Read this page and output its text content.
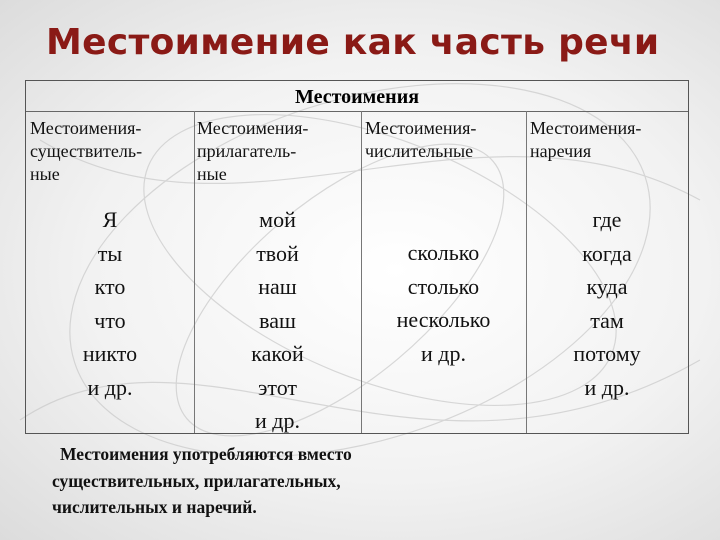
Местоимение как часть речи
Местоимения
Местоимения-
существитель-
ные
Местоимения-
прилагатель-
ные
Местоимения-
числительные
Местоимения-
наречия
Я
ты
кто
что
никто
и др.
мой
твой
наш
ваш
какой
этот
и др.
сколько
столько
несколько
и др.
где
когда
куда
там
потому
и др.
Местоимения употребляются вместо
существительных, прилагательных,
числительных и наречий.
